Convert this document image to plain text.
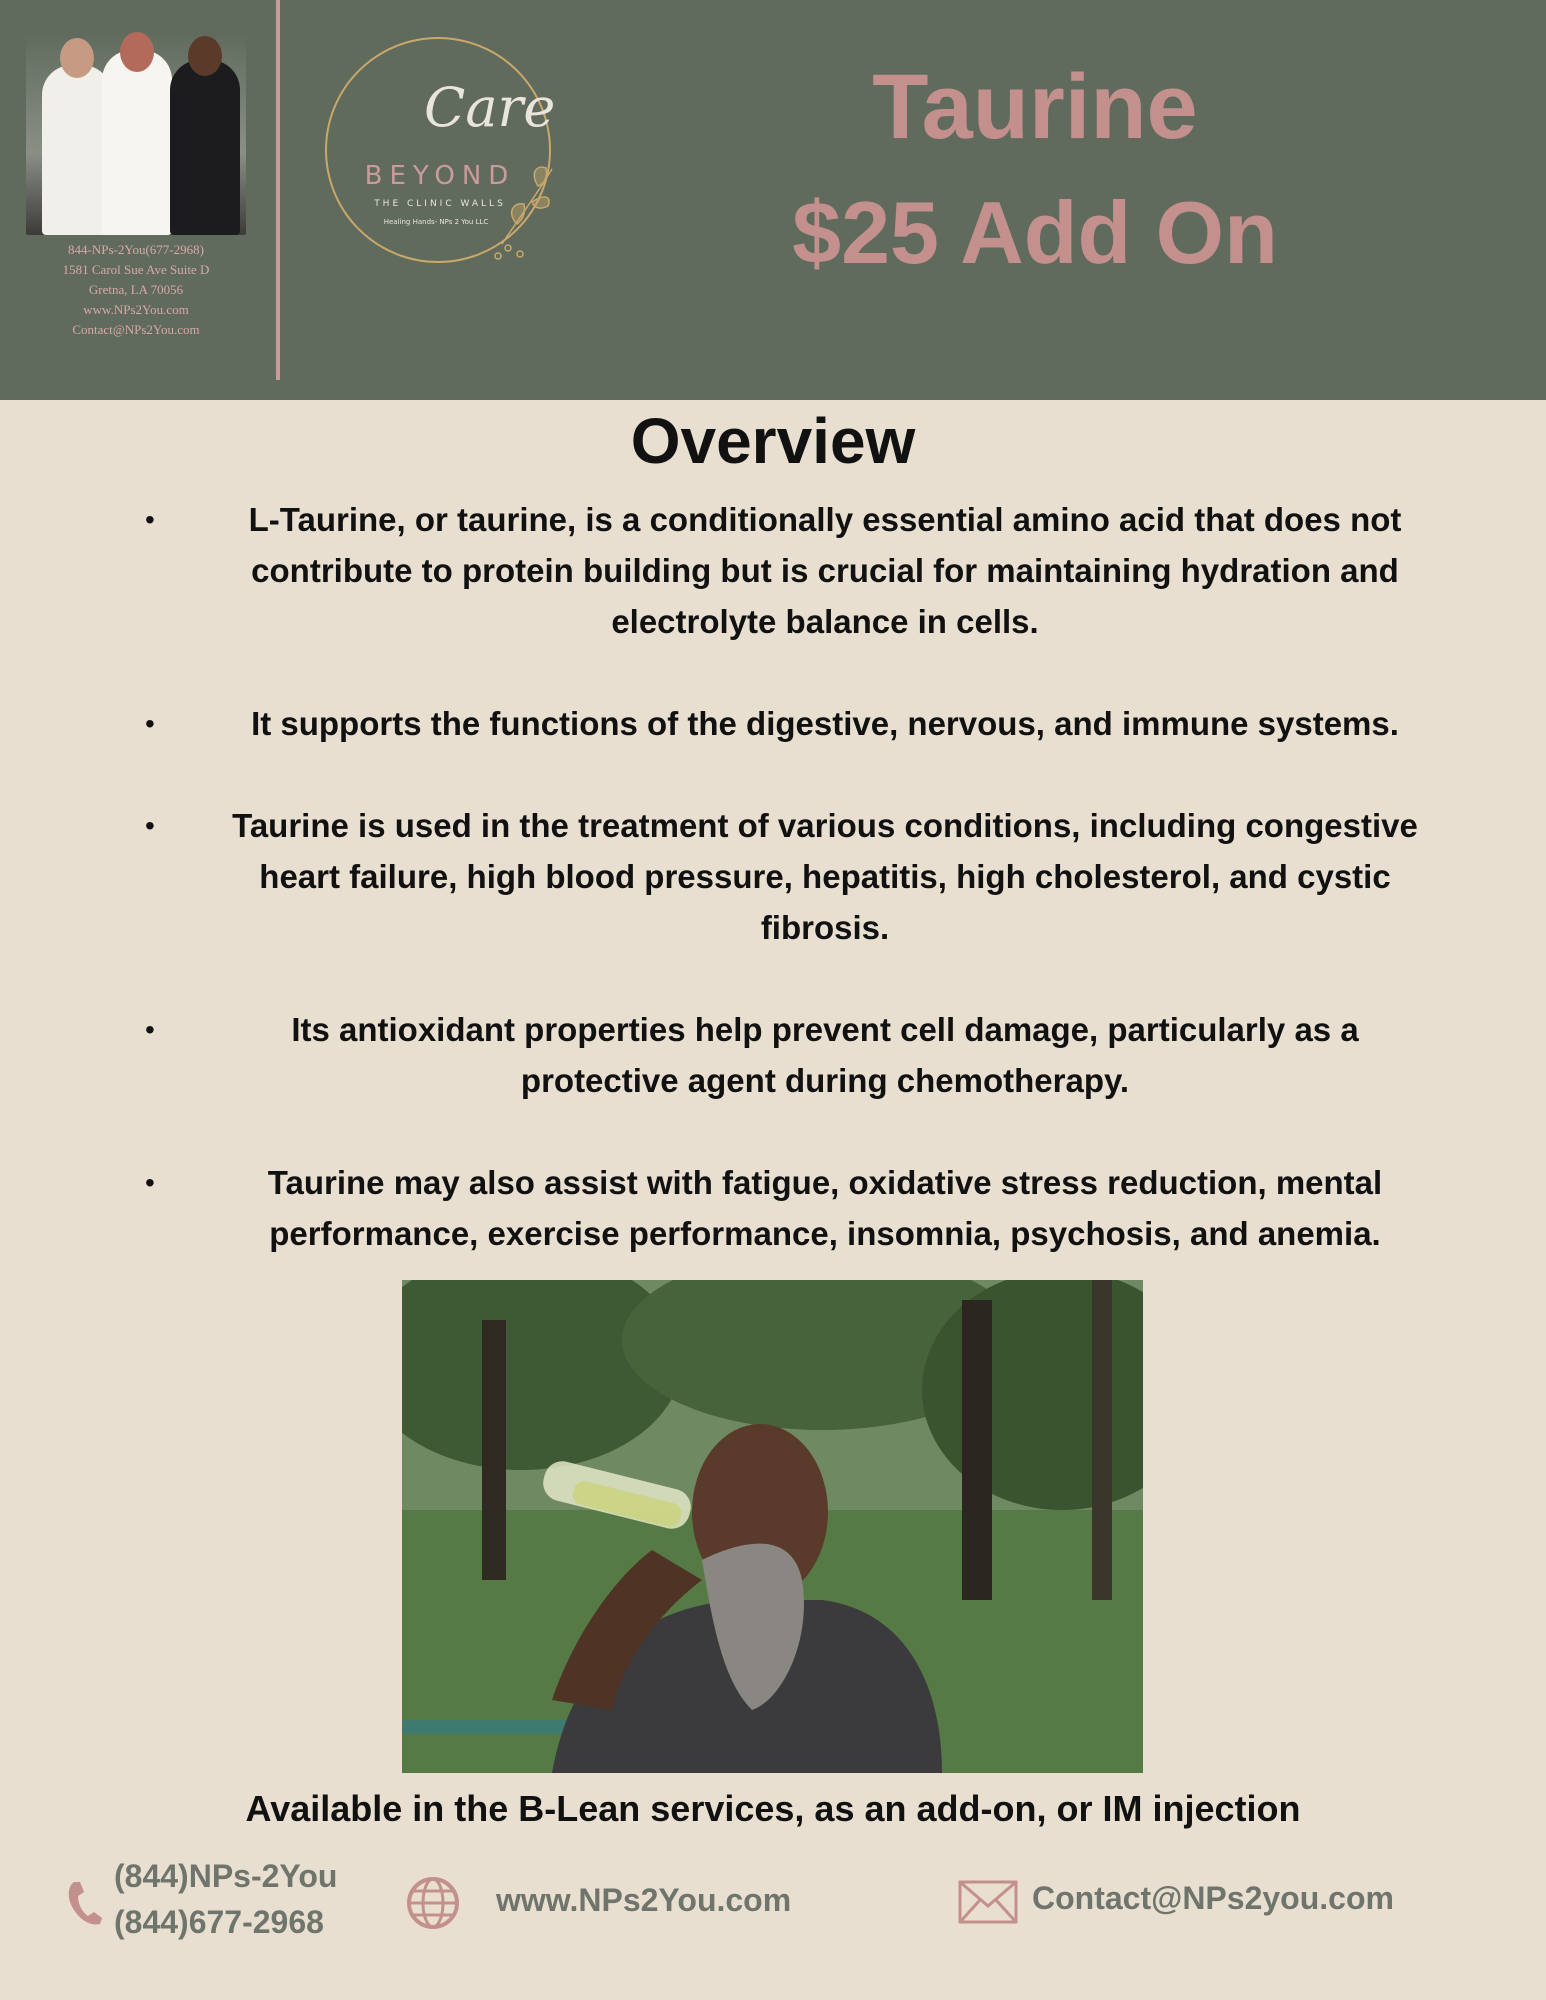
844-NPs-2You(677-2968)
1581 Carol Sue Ave Suite D
Gretna, LA 70056
www.NPs2You.com
Contact@NPs2You.com
Care
BEYOND
THE CLINIC WALLS
Healing Hands- NPs 2 You LLC
Taurine
$25 Add On
Overview
•	L-Taurine, or taurine, is a conditionally essential amino acid that does not contribute to protein building but is crucial for maintaining hydration and electrolyte balance in cells.
•	It supports the functions of the digestive, nervous, and immune systems.
•	Taurine is used in the treatment of various conditions, including congestive heart failure, high blood pressure, hepatitis, high cholesterol, and cystic fibrosis.
•	Its antioxidant properties help prevent cell damage, particularly as a protective agent during chemotherapy.
•	Taurine may also assist with fatigue, oxidative stress reduction, mental performance, exercise performance, insomnia, psychosis, and anemia.
Available in the B-Lean services, as an add-on, or IM injection
(844)NPs-2You
(844)677-2968
www.NPs2You.com	Contact@NPs2you.com
